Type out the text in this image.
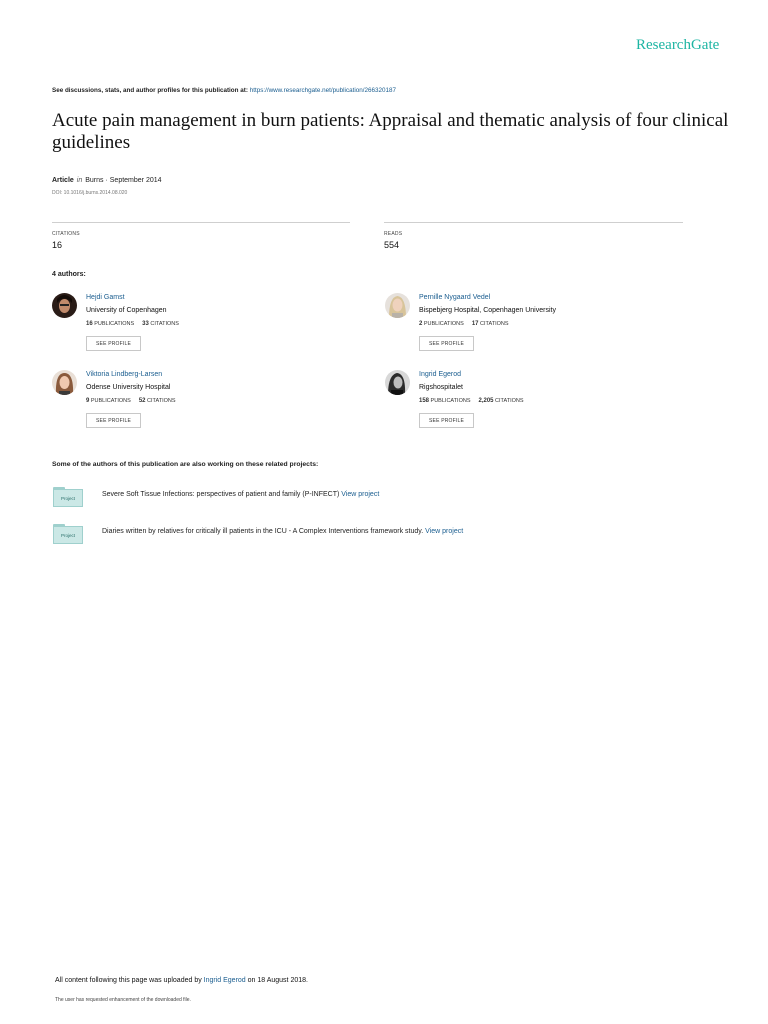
ResearchGate
See discussions, stats, and author profiles for this publication at: https://www.researchgate.net/publication/266320187
Acute pain management in burn patients: Appraisal and thematic analysis of four clinical guidelines
Article in Burns · September 2014
DOI: 10.1016/j.burns.2014.08.020
CITATIONS
16
READS
554
4 authors:
Hejdi Gamst
University of Copenhagen
16 PUBLICATIONS 33 CITATIONS
SEE PROFILE
Pernille Nygaard Vedel
Bispebjerg Hospital, Copenhagen University
2 PUBLICATIONS 17 CITATIONS
SEE PROFILE
Viktoria Lindberg-Larsen
Odense University Hospital
9 PUBLICATIONS 52 CITATIONS
SEE PROFILE
Ingrid Egerod
Rigshospitalet
158 PUBLICATIONS 2,205 CITATIONS
SEE PROFILE
Some of the authors of this publication are also working on these related projects:
Project
Severe Soft Tissue Infections: perspectives of patient and family (P-INFECT) View project
Project
Diaries written by relatives for critically ill patients in the ICU - A Complex Interventions framework study. View project
All content following this page was uploaded by Ingrid Egerod on 18 August 2018.
The user has requested enhancement of the downloaded file.
